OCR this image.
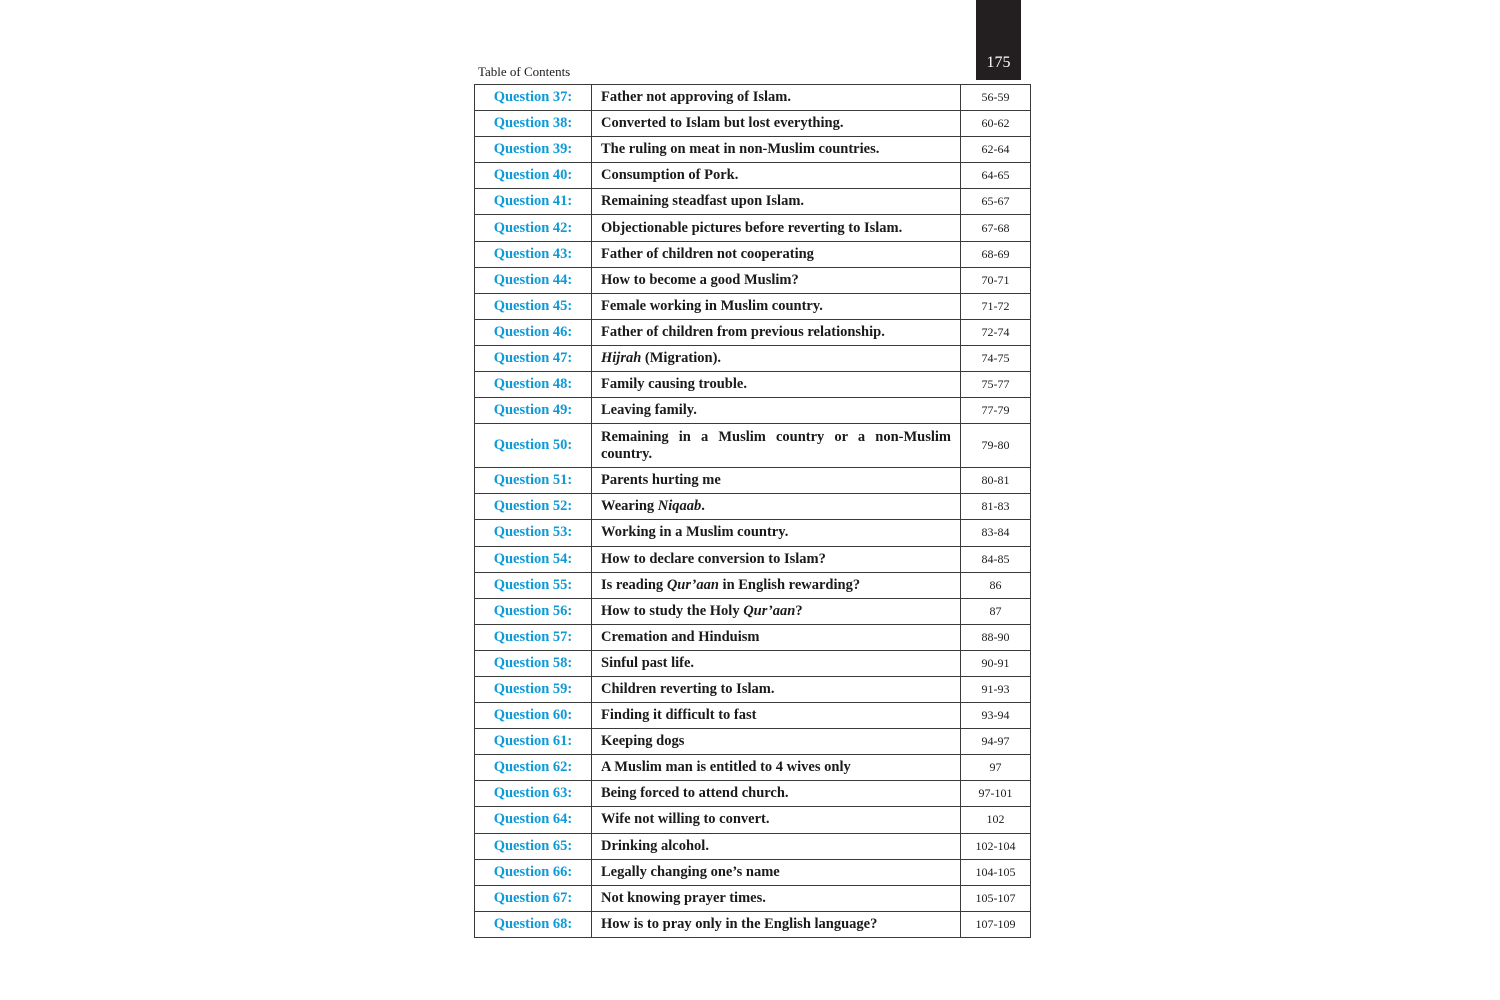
175
Table of Contents
Question 37:	Father not approving of Islam.	56-59
Question 38:	Converted to Islam but lost everything.	60-62
Question 39:	The ruling on meat in non-Muslim countries.	62-64
Question 40:	Consumption of Pork.	64-65
Question 41:	Remaining steadfast upon Islam.	65-67
Question 42:	Objectionable pictures before reverting to Islam.	67-68
Question 43:	Father of children not cooperating	68-69
Question 44:	How to become a good Muslim?	70-71
Question 45:	Female working in Muslim country.	71-72
Question 46:	Father of children from previous relationship.	72-74
Question 47:	Hijrah (Migration).	74-75
Question 48:	Family causing trouble.	75-77
Question 49:	Leaving family.	77-79
Question 50:	Remaining in a Muslim country or a non-Muslim country.	79-80
Question 51:	Parents hurting me	80-81
Question 52:	Wearing Niqaab.	81-83
Question 53:	Working in a Muslim country.	83-84
Question 54:	How to declare conversion to Islam?	84-85
Question 55:	Is reading Qur’aan in English rewarding?	86
Question 56:	How to study the Holy Qur’aan?	87
Question 57:	Cremation and Hinduism	88-90
Question 58:	Sinful past life.	90-91
Question 59:	Children reverting to Islam.	91-93
Question 60:	Finding it difficult to fast	93-94
Question 61:	Keeping dogs	94-97
Question 62:	A Muslim man is entitled to 4 wives only	97
Question 63:	Being forced to attend church.	97-101
Question 64:	Wife not willing to convert.	102
Question 65:	Drinking alcohol.	102-104
Question 66:	Legally changing one’s name	104-105
Question 67:	Not knowing prayer times.	105-107
Question 68:	How is to pray only in the English language?	107-109
